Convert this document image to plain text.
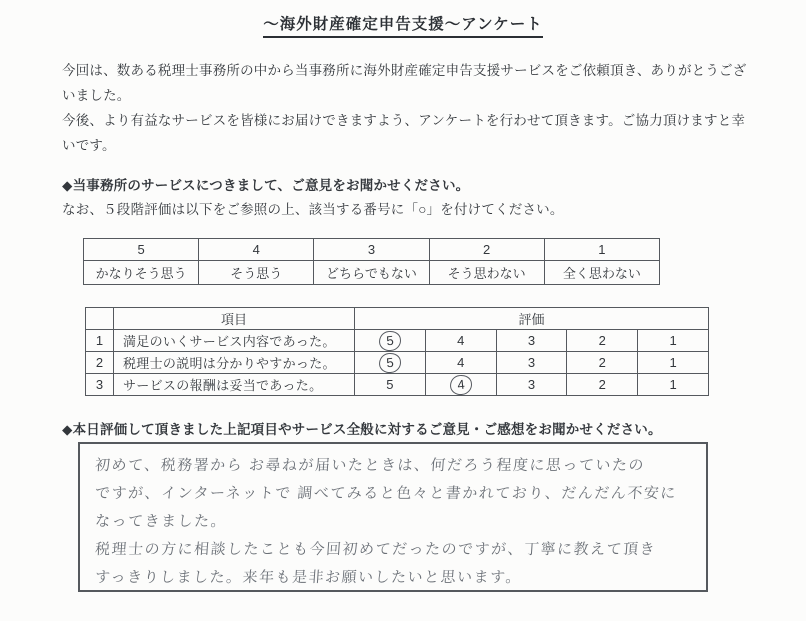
～海外財産確定申告支援～アンケート

今回は、数ある税理士事務所の中から当事務所に海外財産確定申告支援サービスをご依頼頂き、ありがとうございました。

今後、より有益なサービスを皆様にお届けできますよう、アンケートを行わせて頂きます。ご協力頂けますと幸いです。

◆当事務所のサービスにつきまして、ご意見をお聞かせください。
なお、５段階評価は以下をご参照の上、該当する番号に「○」を付けてください。
5	4	3	2	1
かなりそう思う	そう思う	どちらでもない	そう思わない	全く思わない
	項目	評価				
1	満足のいくサービス内容であった。	5	4	3	2	1
2	税理士の説明は分かりやすかった。	5	4	3	2	1
3	サービスの報酬は妥当であった。	5	4	3	2	1
◆本日評価して頂きました上記項目やサービス全般に対するご意見・ご感想をお聞かせください。
初めて、税務署から お尋ねが届いたときは、何だろう程度に思っていたの
ですが、インターネットで 調べてみると色々と書かれており、だんだん不安に
なってきました。
税理士の方に相談したことも今回初めてだったのですが、丁寧に教えて頂き
すっきりしました。来年も是非お願いしたいと思います。
